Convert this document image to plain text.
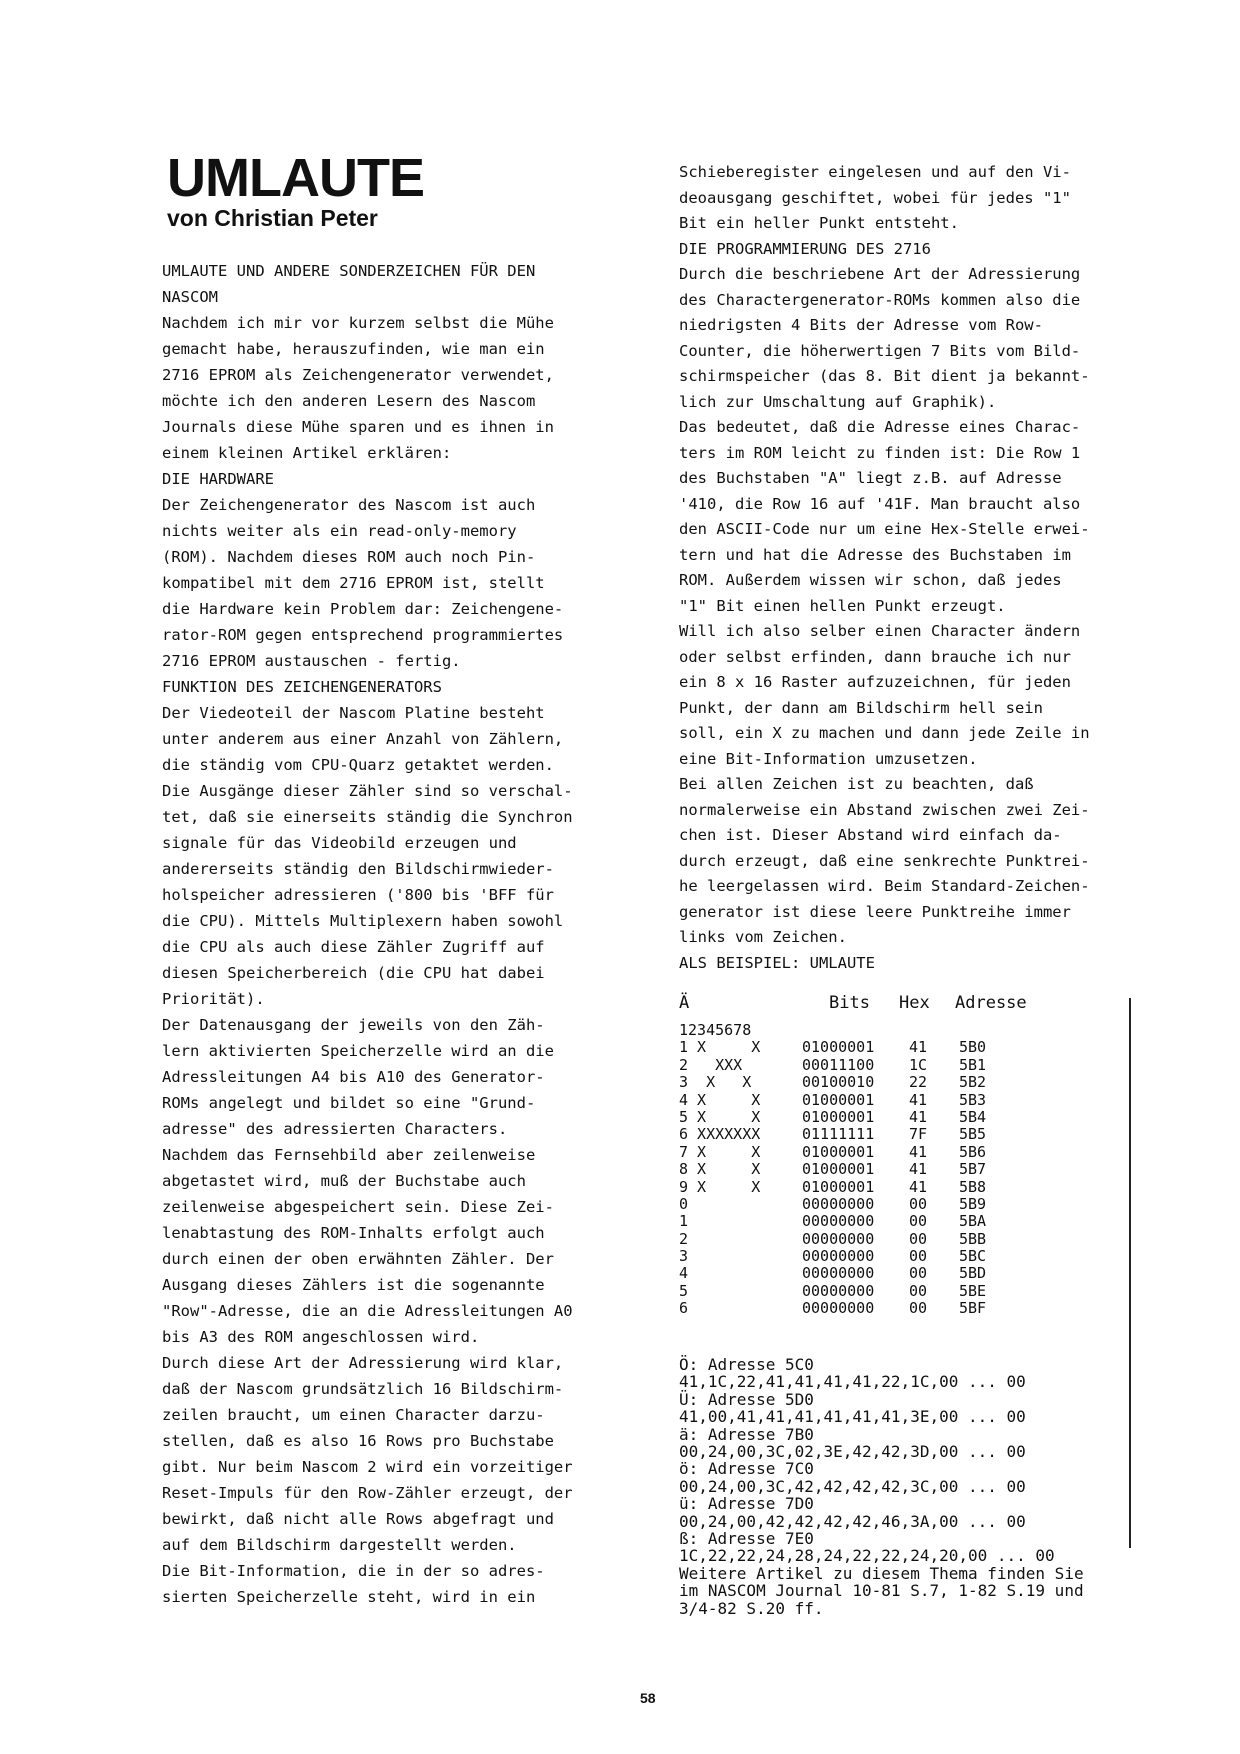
UMLAUTE
von Christian Peter
UMLAUTE UND ANDERE SONDERZEICHEN FÜR DEN
NASCOM
Nachdem ich mir vor kurzem selbst die Mühe
gemacht habe, herauszufinden, wie man ein
2716 EPROM als Zeichengenerator verwendet,
möchte ich den anderen Lesern des Nascom
Journals diese Mühe sparen und es ihnen in
einem kleinen Artikel erklären:
DIE HARDWARE
Der Zeichengenerator des Nascom ist auch
nichts weiter als ein read-only-memory
(ROM). Nachdem dieses ROM auch noch Pin-
kompatibel mit dem 2716 EPROM ist, stellt
die Hardware kein Problem dar: Zeichengene-
rator-ROM gegen entsprechend programmiertes
2716 EPROM austauschen - fertig.
FUNKTION DES ZEICHENGENERATORS
Der Viedeoteil der Nascom Platine besteht
unter anderem aus einer Anzahl von Zählern,
die ständig vom CPU-Quarz getaktet werden.
Die Ausgänge dieser Zähler sind so verschal-
tet, daß sie einerseits ständig die Synchron
signale für das Videobild erzeugen und
andererseits ständig den Bildschirmwieder-
holspeicher adressieren ('800 bis 'BFF für
die CPU). Mittels Multiplexern haben sowohl
die CPU als auch diese Zähler Zugriff auf
diesen Speicherbereich (die CPU hat dabei
Priorität).
Der Datenausgang der jeweils von den Zäh-
lern aktivierten Speicherzelle wird an die
Adressleitungen A4 bis A10 des Generator-
ROMs angelegt und bildet so eine "Grund-
adresse" des adressierten Characters.
Nachdem das Fernsehbild aber zeilenweise
abgetastet wird, muß der Buchstabe auch
zeilenweise abgespeichert sein. Diese Zei-
lenabtastung des ROM-Inhalts erfolgt auch
durch einen der oben erwähnten Zähler. Der
Ausgang dieses Zählers ist die sogenannte
"Row"-Adresse, die an die Adressleitungen A0
bis A3 des ROM angeschlossen wird.
Durch diese Art der Adressierung wird klar,
daß der Nascom grundsätzlich 16 Bildschirm-
zeilen braucht, um einen Character darzu-
stellen, daß es also 16 Rows pro Buchstabe
gibt. Nur beim Nascom 2 wird ein vorzeitiger
Reset-Impuls für den Row-Zähler erzeugt, der
bewirkt, daß nicht alle Rows abgefragt und
auf dem Bildschirm dargestellt werden.
Die Bit-Information, die in der so adres-
sierten Speicherzelle steht, wird in ein
Schieberegister eingelesen und auf den Vi-
deoausgang geschiftet, wobei für jedes "1"
Bit ein heller Punkt entsteht.
DIE PROGRAMMIERUNG DES 2716
Durch die beschriebene Art der Adressierung
des Charactergenerator-ROMs kommen also die
niedrigsten 4 Bits der Adresse vom Row-
Counter, die höherwertigen 7 Bits vom Bild-
schirmspeicher (das 8. Bit dient ja bekannt-
lich zur Umschaltung auf Graphik).
Das bedeutet, daß die Adresse eines Charac-
ters im ROM leicht zu finden ist: Die Row 1
des Buchstaben "A" liegt z.B. auf Adresse
'410, die Row 16 auf '41F. Man braucht also
den ASCII-Code nur um eine Hex-Stelle erwei-
tern und hat die Adresse des Buchstaben im
ROM. Außerdem wissen wir schon, daß jedes
"1" Bit einen hellen Punkt erzeugt.
Will ich also selber einen Character ändern
oder selbst erfinden, dann brauche ich nur
ein 8 x 16 Raster aufzuzeichnen, für jeden
Punkt, der dann am Bildschirm hell sein
soll, ein X zu machen und dann jede Zeile in
eine Bit-Information umzusetzen.
Bei allen Zeichen ist zu beachten, daß
normalerweise ein Abstand zwischen zwei Zei-
chen ist. Dieser Abstand wird einfach da-
durch erzeugt, daß eine senkrechte Punktrei-
he leergelassen wird. Beim Standard-Zeichen-
generator ist diese leere Punktreihe immer
links vom Zeichen.
ALS BEISPIEL: UMLAUTE
Ä	Bits Hex Adresse
12345678
1 X     X	01000001 41 5B0
2   XXX	00011100 1C 5B1
3  X   X	00100010 22 5B2
4 X     X	01000001 41 5B3
5 X     X	01000001 41 5B4
6 XXXXXXX	01111111 7F 5B5
7 X     X	01000001 41 5B6
8 X     X	01000001 41 5B7
9 X     X	01000001 41 5B8
0	00000000 00 5B9
1	00000000 00 5BA
2	00000000 00 5BB
3	00000000 00 5BC
4	00000000 00 5BD
5	00000000 00 5BE
6	00000000 00 5BF
Ö: Adresse 5C0
41,1C,22,41,41,41,41,22,1C,00 ... 00
Ü: Adresse 5D0
41,00,41,41,41,41,41,41,3E,00 ... 00
ä: Adresse 7B0
00,24,00,3C,02,3E,42,42,3D,00 ... 00
ö: Adresse 7C0
00,24,00,3C,42,42,42,42,3C,00 ... 00
ü: Adresse 7D0
00,24,00,42,42,42,42,46,3A,00 ... 00
ß: Adresse 7E0
1C,22,22,24,28,24,22,22,24,20,00 ... 00
Weitere Artikel zu diesem Thema finden Sie
im NASCOM Journal 10-81 S.7, 1-82 S.19 und
3/4-82 S.20 ff.
58
